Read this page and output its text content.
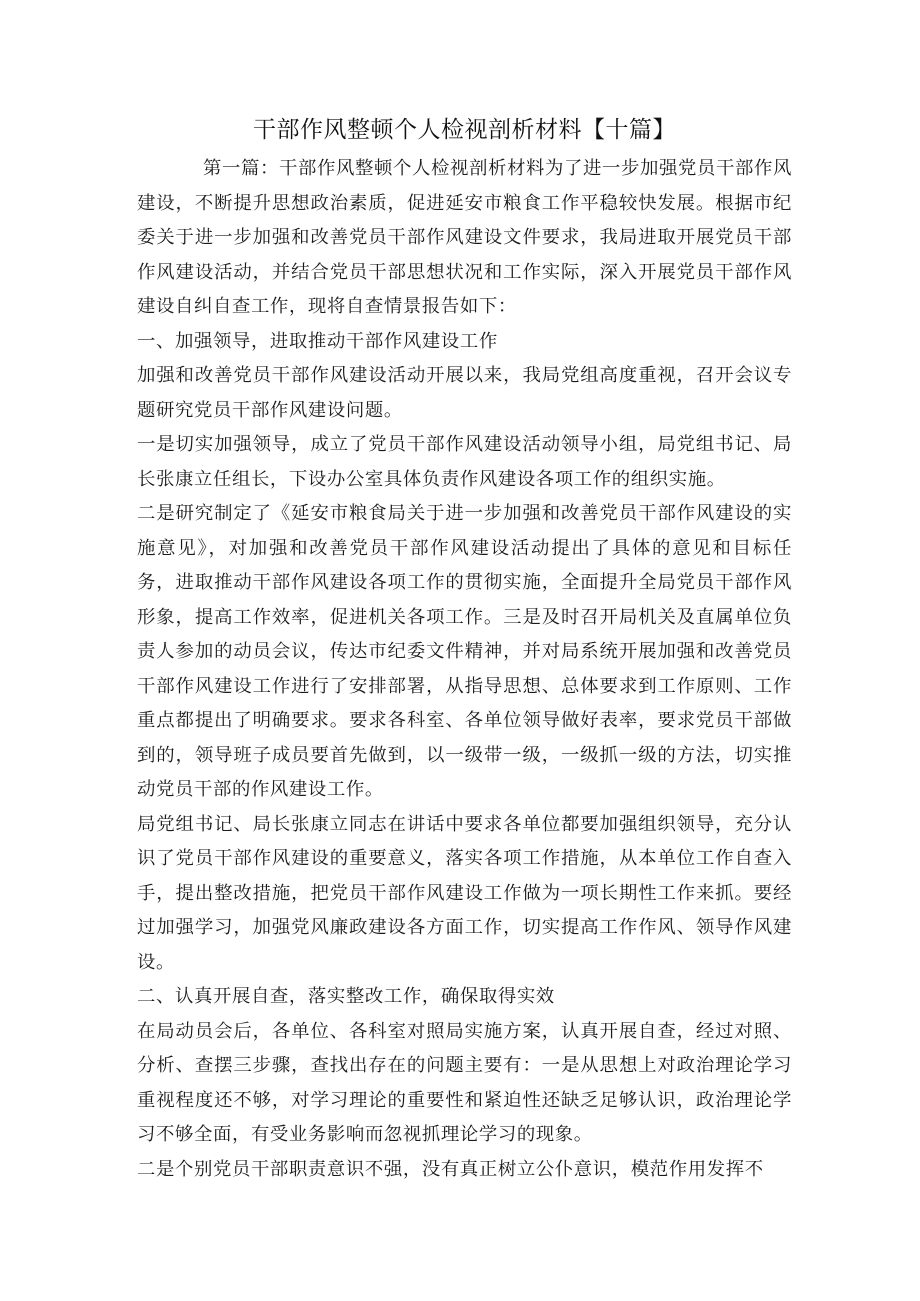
干部作风整顿个人检视剖析材料【十篇】

第一篇：干部作风整顿个人检视剖析材料为了进一步加强党员干部作风建设，不断提升思想政治素质，促进延安市粮食工作平稳较快发展。根据市纪委关于进一步加强和改善党员干部作风建设文件要求，我局进取开展党员干部作风建设活动，并结合党员干部思想状况和工作实际，深入开展党员干部作风建设自纠自查工作，现将自查情景报告如下：

一、加强领导，进取推动干部作风建设工作

加强和改善党员干部作风建设活动开展以来，我局党组高度重视，召开会议专题研究党员干部作风建设问题。

一是切实加强领导，成立了党员干部作风建设活动领导小组，局党组书记、局长张康立任组长，下设办公室具体负责作风建设各项工作的组织实施。

二是研究制定了《延安市粮食局关于进一步加强和改善党员干部作风建设的实施意见》，对加强和改善党员干部作风建设活动提出了具体的意见和目标任务，进取推动干部作风建设各项工作的贯彻实施，全面提升全局党员干部作风形象，提高工作效率，促进机关各项工作。三是及时召开局机关及直属单位负责人参加的动员会议，传达市纪委文件精神，并对局系统开展加强和改善党员干部作风建设工作进行了安排部署，从指导思想、总体要求到工作原则、工作重点都提出了明确要求。要求各科室、各单位领导做好表率，要求党员干部做到的，领导班子成员要首先做到，以一级带一级，一级抓一级的方法，切实推动党员干部的作风建设工作。

局党组书记、局长张康立同志在讲话中要求各单位都要加强组织领导，充分认识了党员干部作风建设的重要意义，落实各项工作措施，从本单位工作自查入手，提出整改措施，把党员干部作风建设工作做为一项长期性工作来抓。要经过加强学习，加强党风廉政建设各方面工作，切实提高工作作风、领导作风建设。

二、认真开展自查，落实整改工作，确保取得实效

在局动员会后，各单位、各科室对照局实施方案，认真开展自查，经过对照、分析、查摆三步骤，查找出存在的问题主要有：一是从思想上对政治理论学习重视程度还不够，对学习理论的重要性和紧迫性还缺乏足够认识，政治理论学习不够全面，有受业务影响而忽视抓理论学习的现象。

二是个别党员干部职责意识不强，没有真正树立公仆意识，模范作用发挥不
